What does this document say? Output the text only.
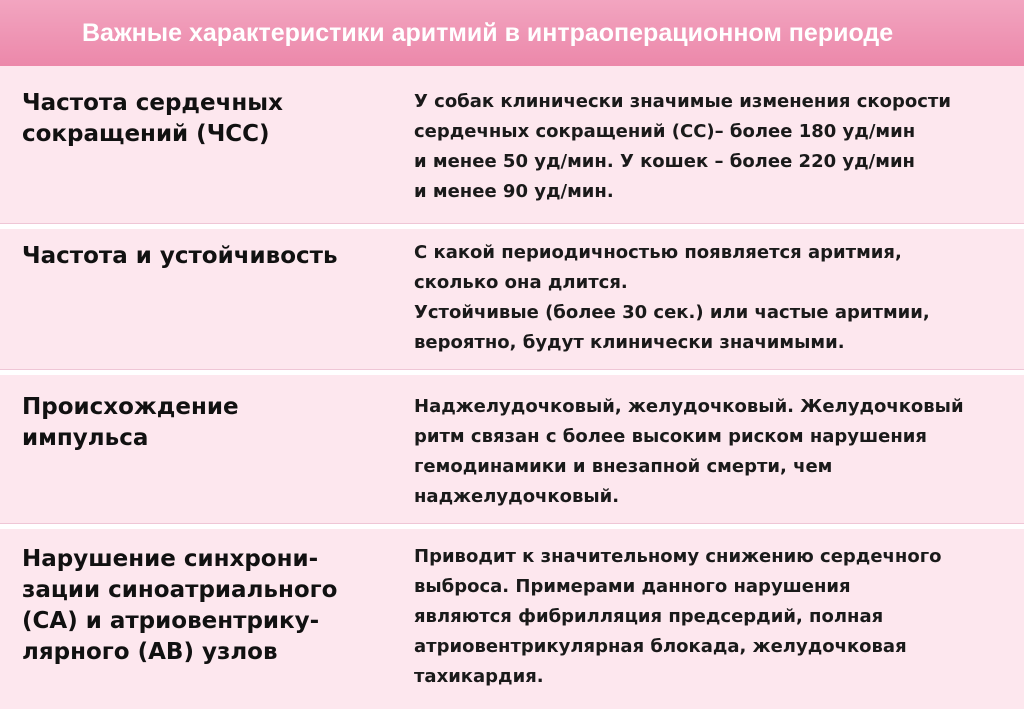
Важные характеристики аритмий в интраоперационном периоде
Частота сердечных
сокращений (ЧСС)
У собак клинически значимые изменения скорости
сердечных сокращений (СС)– более 180 уд/мин
и менее 50 уд/мин. У кошек – более 220 уд/мин
и менее 90 уд/мин.
Частота и устойчивость	С какой периодичностью появляется аритмия,
сколько она длится.
Устойчивые (более 30 сек.) или частые аритмии,
вероятно, будут клинически значимыми.
Происхождение
импульса
Наджелудочковый, желудочковый. Желудочковый
ритм связан с более высоким риском нарушения
гемодинамики и внезапной смерти, чем
наджелудочковый.
Нарушение синхрони-
зации синоатриального
(СА) и атриовентрику-
лярного (АВ) узлов
Приводит к значительному снижению сердечного
выброса. Примерами данного нарушения
являются фибрилляция предсердий, полная
атриовентрикулярная блокада, желудочковая
тахикардия.
